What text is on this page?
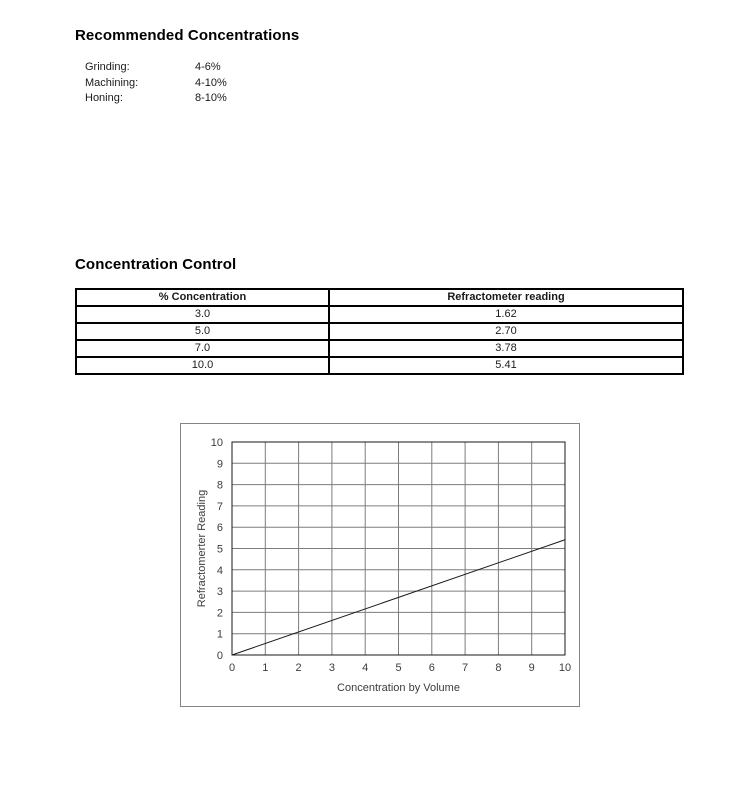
Recommended Concentrations
Grinding:	4-6%
Machining:	4-10%
Honing:	8-10%
Concentration Control
% Concentration	Refractometer reading
3.0	1.62
5.0	2.70
7.0	3.78
10.0	5.41
0
1
2
3
4
5
6
7
8
9
10
0 1 2 3 4 5 6 7 8 9 10
Refractomerter Reading
Concentration by Volume
